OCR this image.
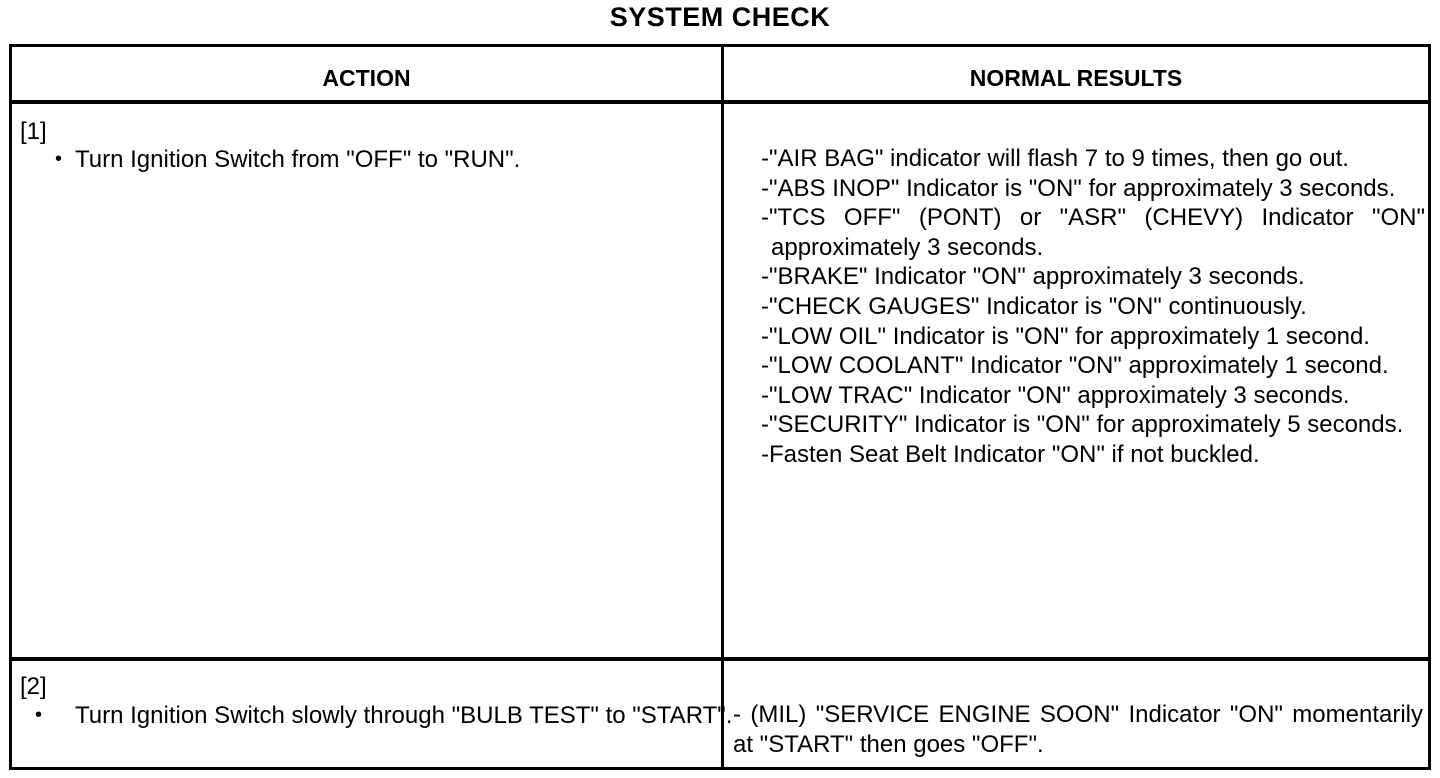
SYSTEM CHECK
ACTION	NORMAL RESULTS
[1]
• Turn Ignition Switch from "OFF" to "RUN".	-"AIR BAG" indicator will flash 7 to 9 times, then go out.
-"ABS INOP" Indicator is "ON" for approximately 3 seconds.
-"TCS OFF" (PONT) or "ASR" (CHEVY) Indicator "ON" approximately 3 seconds.
-"BRAKE" Indicator "ON" approximately 3 seconds.
-"CHECK GAUGES" Indicator is "ON" continuously.
-"LOW OIL" Indicator is "ON" for approximately 1 second.
-"LOW COOLANT" Indicator "ON" approximately 1 second.
-"LOW TRAC" Indicator "ON" approximately 3 seconds.
-"SECURITY" Indicator is "ON" for approximately 5 seconds.
-Fasten Seat Belt Indicator "ON" if not buckled.
[2]
• Turn Ignition Switch slowly through "BULB TEST" to "START". - (MIL) "SERVICE ENGINE SOON" Indicator "ON" momentarily at "START" then goes "OFF".
